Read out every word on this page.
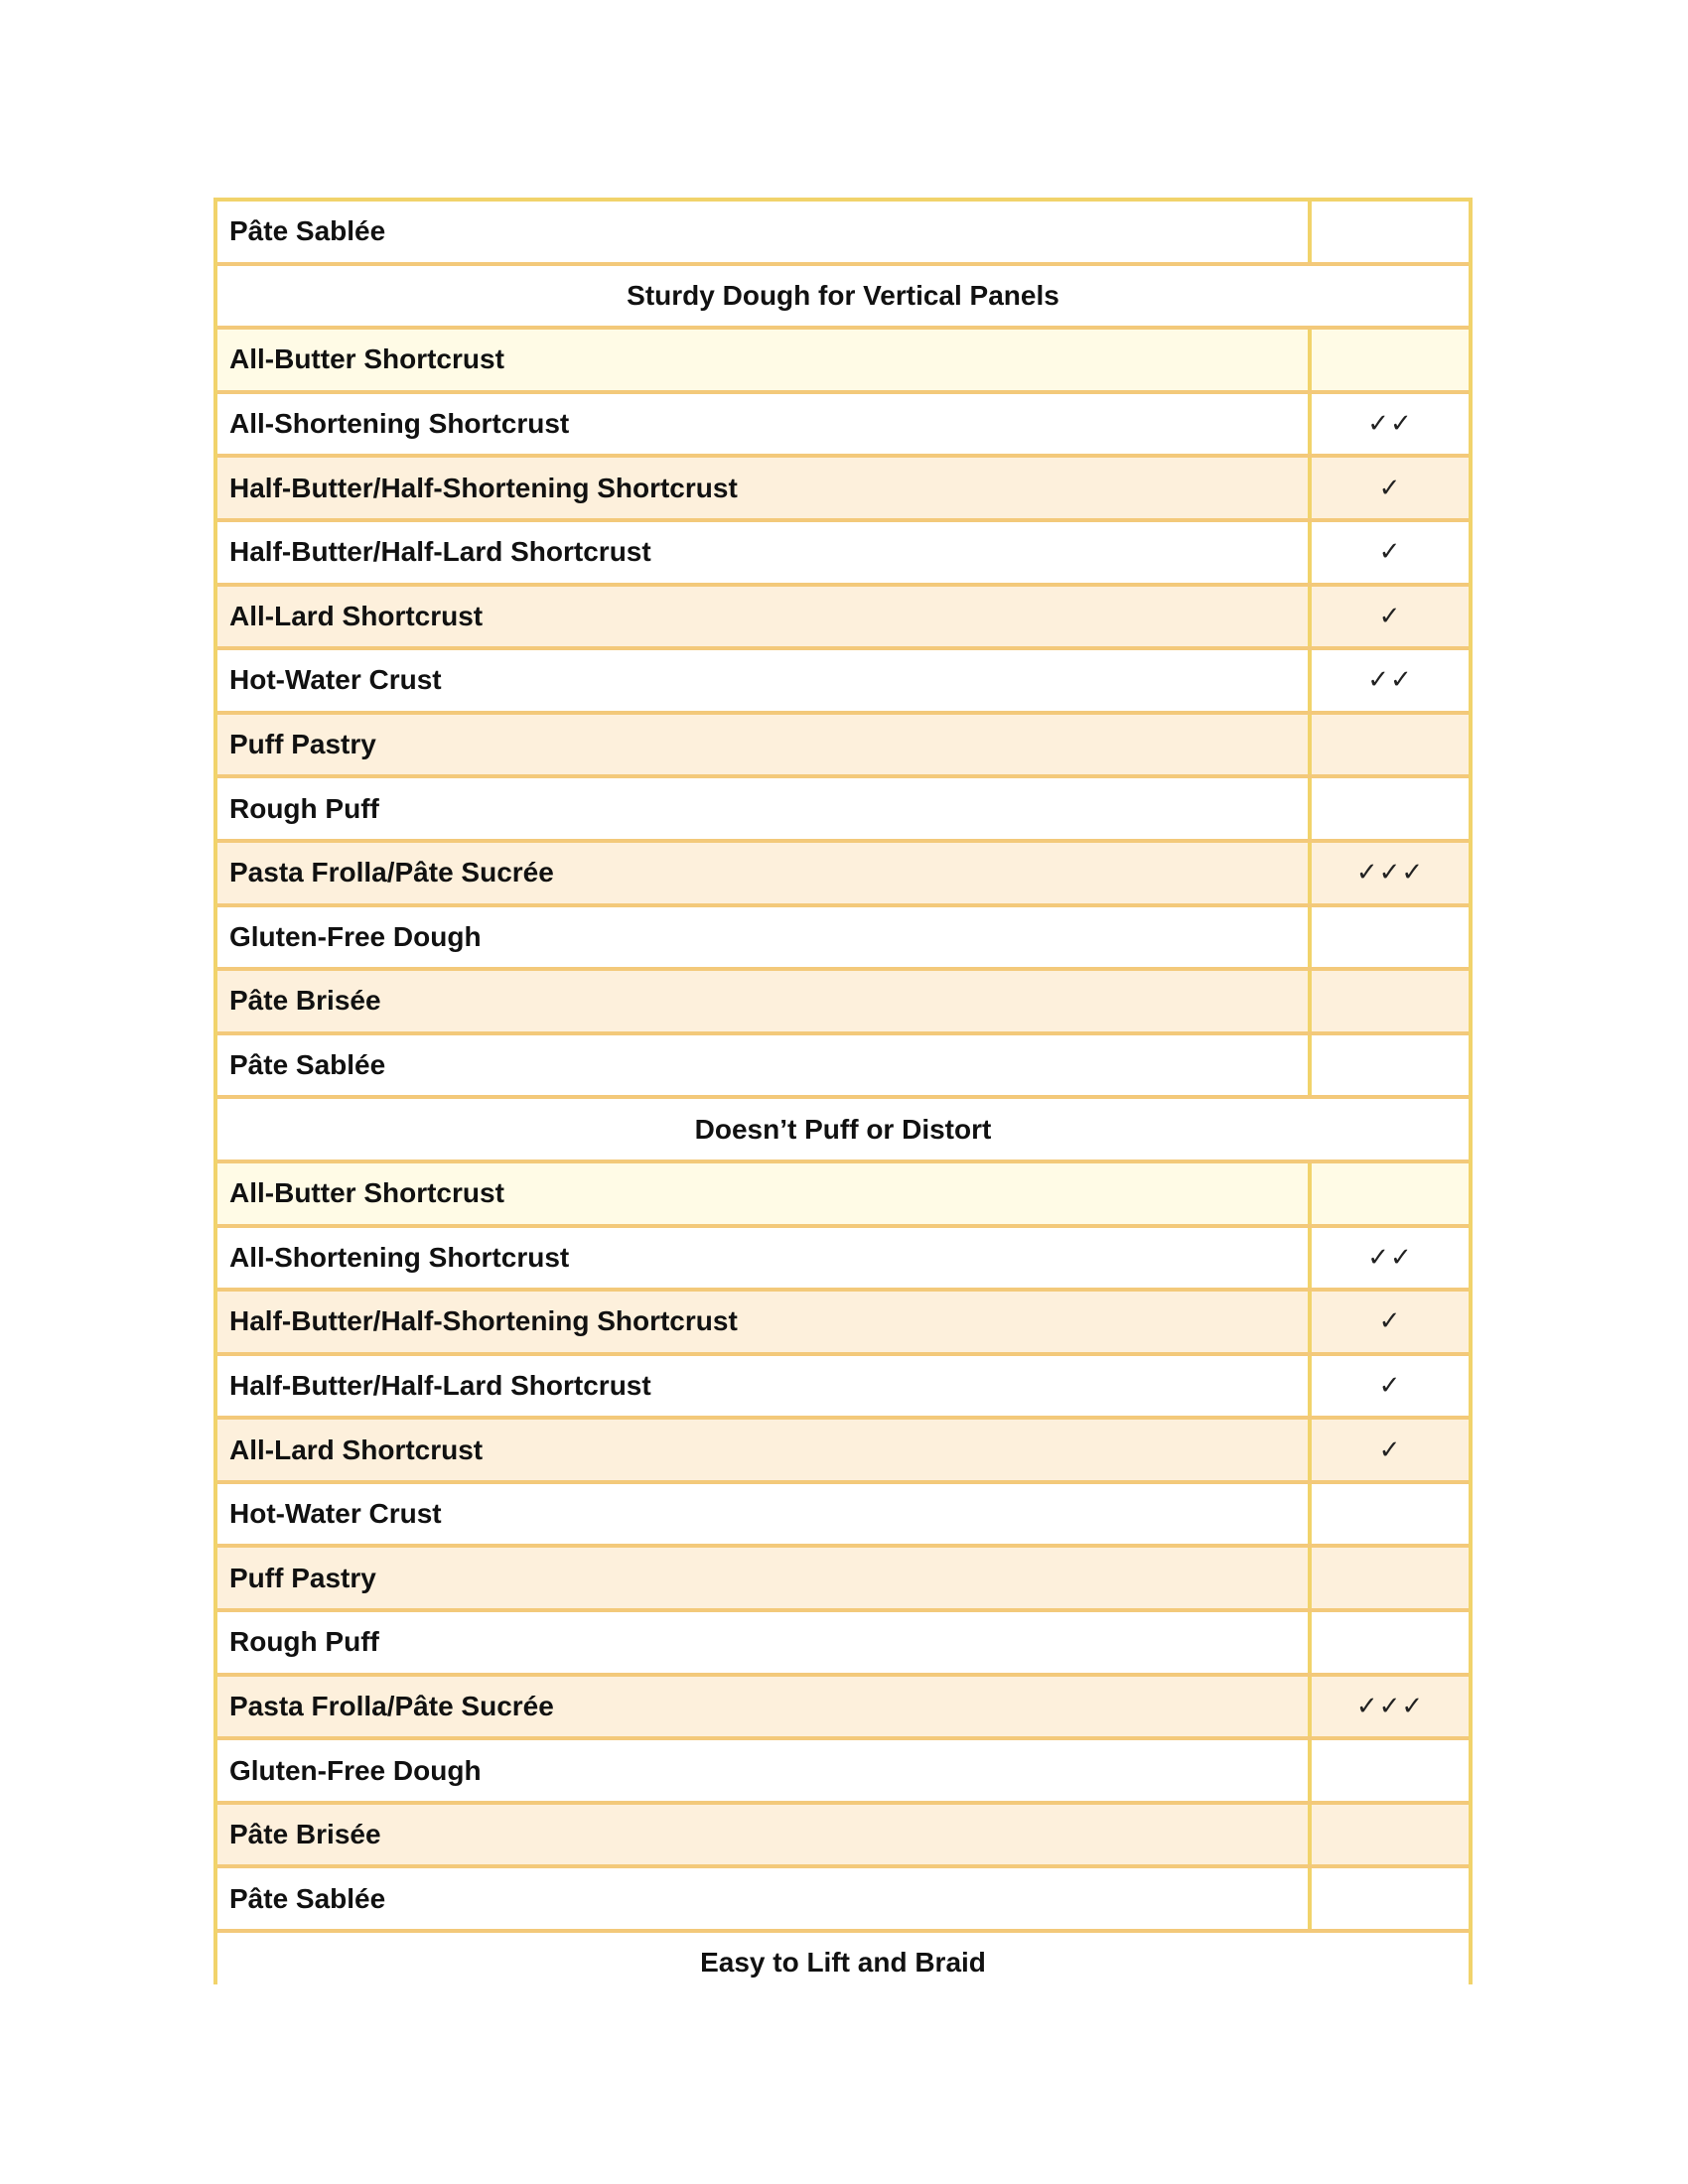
Pâte Sablée
Sturdy Dough for Vertical Panels
All-Butter Shortcrust
All-Shortening Shortcrust	✓✓
Half-Butter/Half-Shortening Shortcrust	✓
Half-Butter/Half-Lard Shortcrust	✓
All-Lard Shortcrust	✓
Hot-Water Crust	✓✓
Puff Pastry
Rough Puff
Pasta Frolla/Pâte Sucrée	✓✓✓
Gluten-Free Dough
Pâte Brisée
Pâte Sablée
Doesn’t Puff or Distort
All-Butter Shortcrust
All-Shortening Shortcrust	✓✓
Half-Butter/Half-Shortening Shortcrust	✓
Half-Butter/Half-Lard Shortcrust	✓
All-Lard Shortcrust	✓
Hot-Water Crust
Puff Pastry
Rough Puff
Pasta Frolla/Pâte Sucrée	✓✓✓
Gluten-Free Dough
Pâte Brisée
Pâte Sablée
Easy to Lift and Braid
